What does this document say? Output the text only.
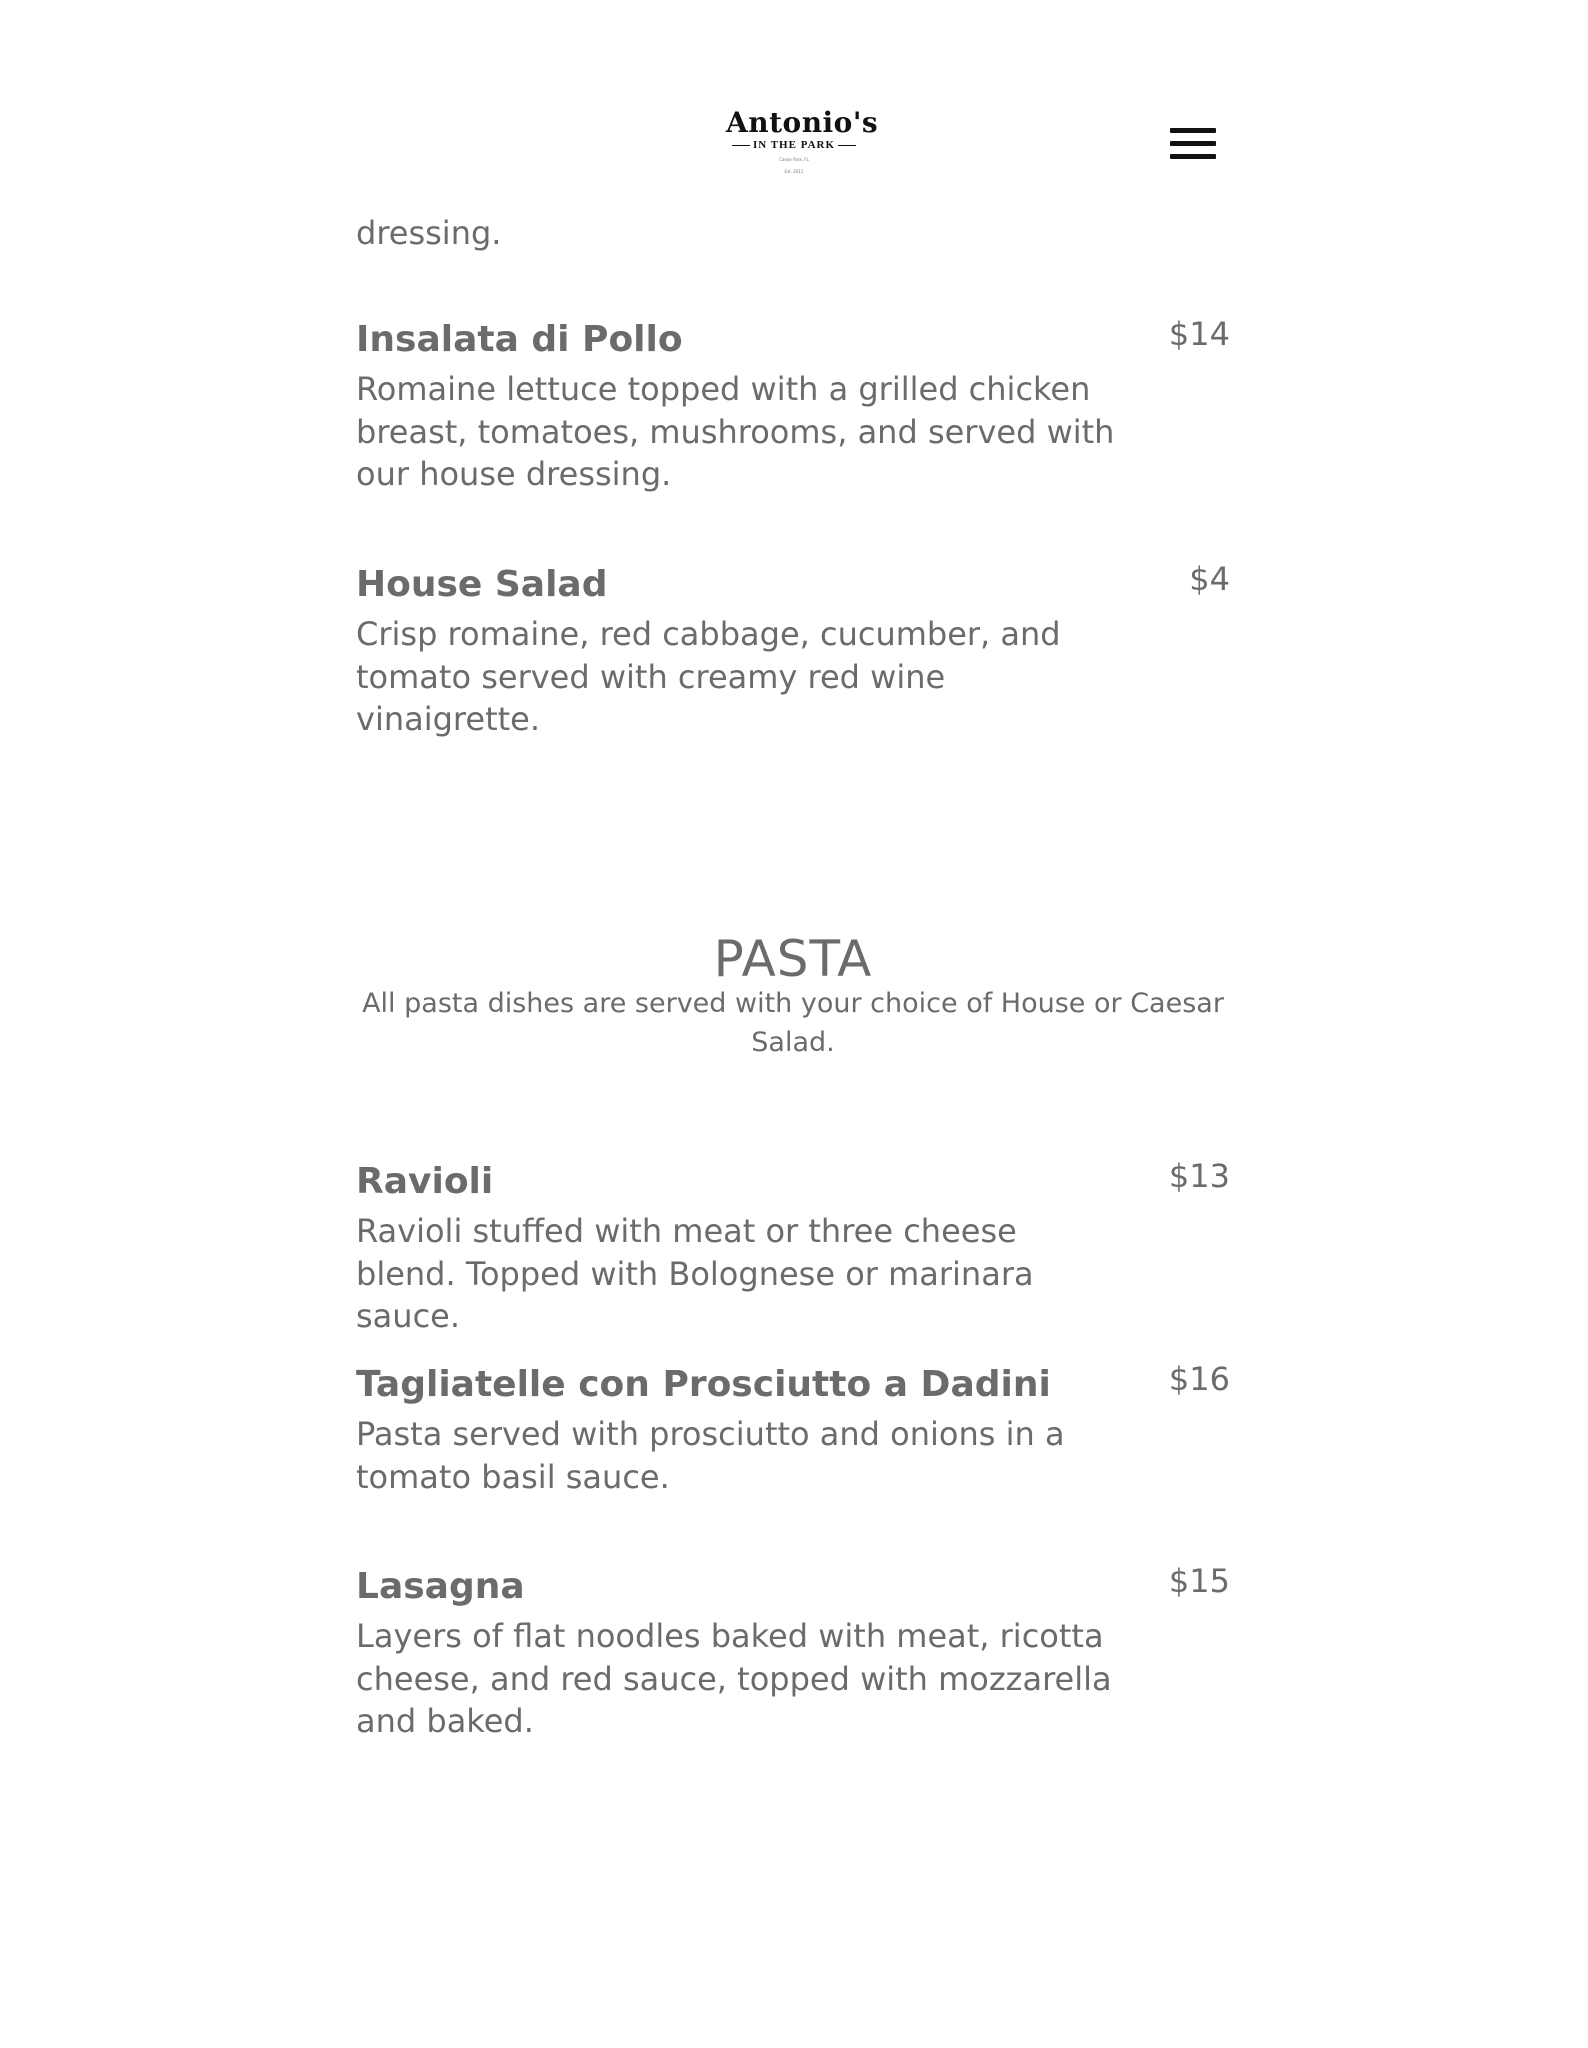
Antonio's
IN THE PARK
Canoe Park, FL
Est. 2011
dressing.
Insalata di Pollo	$14
Romaine lettuce topped with a grilled chicken breast, tomatoes, mushrooms, and served with our house dressing.
House Salad	$4
Crisp romaine, red cabbage, cucumber, and tomato served with creamy red wine vinaigrette.
Ravioli	$13
Ravioli stuffed with meat or three cheese blend. Topped with Bolognese or marinara sauce.
Tagliatelle con Prosciutto a Dadini	$16
Pasta served with prosciutto and onions in a tomato basil sauce.
Lasagna	$15
Layers of flat noodles baked with meat, ricotta cheese, and red sauce, topped with mozzarella and baked.
PASTA
All pasta dishes are served with your choice of House or Caesar Salad.
